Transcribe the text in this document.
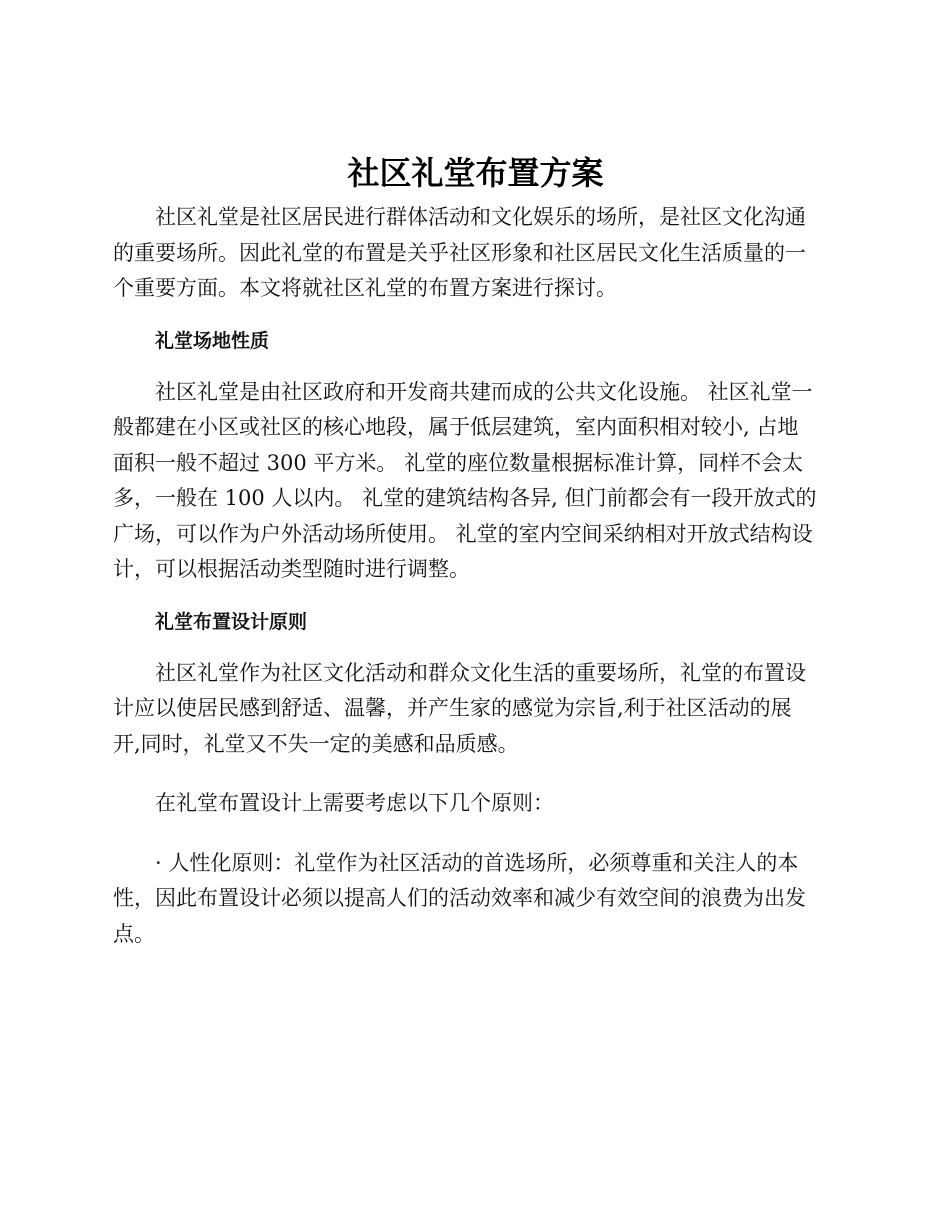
社区礼堂布置方案

社区礼堂是社区居民进行群体活动和文化娱乐的场所，是社区文化沟通
的重要场所。因此礼堂的布置是关乎社区形象和社区居民文化生活质量的一
个重要方面。本文将就社区礼堂的布置方案进行探讨。

礼堂场地性质

社区礼堂是由社区政府和开发商共建而成的公共文化设施。 社区礼堂一
般都建在小区或社区的核心地段，属于低层建筑，室内面积相对较小, 占地
面积一般不超过 300 平方米。 礼堂的座位数量根据标准计算，同样不会太
多，一般在 100 人以内。 礼堂的建筑结构各异, 但门前都会有一段开放式的
广场，可以作为户外活动场所使用。 礼堂的室内空间采纳相对开放式结构设
计，可以根据活动类型随时进行调整。

礼堂布置设计原则

社区礼堂作为社区文化活动和群众文化生活的重要场所，礼堂的布置设
计应以使居民感到舒适、温馨，并产生家的感觉为宗旨,利于社区活动的展
开,同时，礼堂又不失一定的美感和品质感。

在礼堂布置设计上需要考虑以下几个原则：

· 人性化原则：礼堂作为社区活动的首选场所，必须尊重和关注人的本
性，因此布置设计必须以提高人们的活动效率和减少有效空间的浪费为出发
点。
